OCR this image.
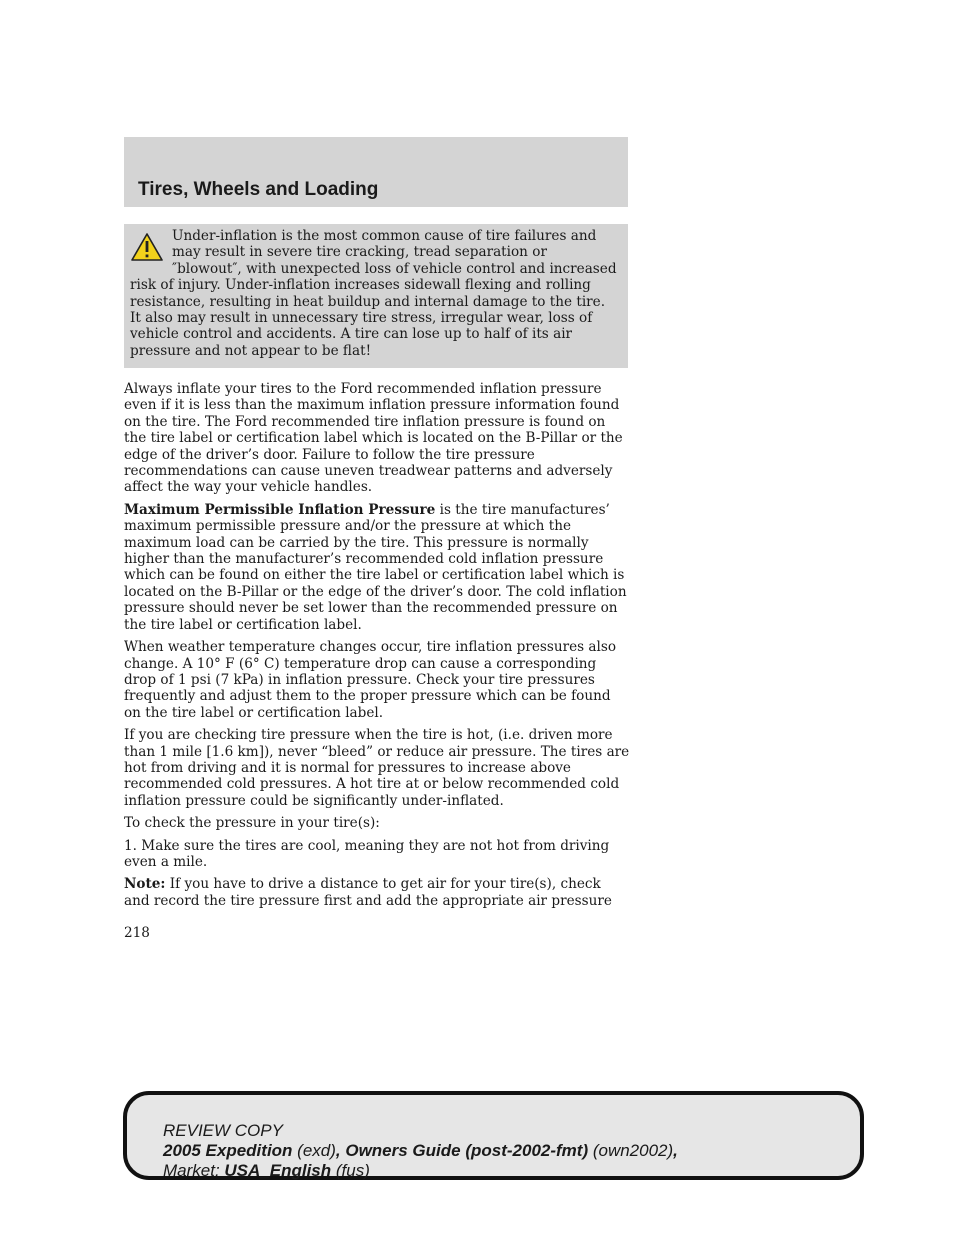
Tires, Wheels and Loading

Under-inflation is the most common cause of tire failures and may result in severe tire cracking, tread separation or ″blowout″, with unexpected loss of vehicle control and increased risk of injury. Under-inflation increases sidewall flexing and rolling resistance, resulting in heat buildup and internal damage to the tire. It also may result in unnecessary tire stress, irregular wear, loss of vehicle control and accidents. A tire can lose up to half of its air pressure and not appear to be flat!

Always inflate your tires to the Ford recommended inflation pressure even if it is less than the maximum inflation pressure information found on the tire. The Ford recommended tire inflation pressure is found on the tire label or certification label which is located on the B-Pillar or the edge of the driver’s door. Failure to follow the tire pressure recommendations can cause uneven treadwear patterns and adversely affect the way your vehicle handles.

Maximum Permissible Inflation Pressure is the tire manufactures’ maximum permissible pressure and/or the pressure at which the maximum load can be carried by the tire. This pressure is normally higher than the manufacturer’s recommended cold inflation pressure which can be found on either the tire label or certification label which is located on the B-Pillar or the edge of the driver’s door. The cold inflation pressure should never be set lower than the recommended pressure on the tire label or certification label.

When weather temperature changes occur, tire inflation pressures also change. A 10° F (6° C) temperature drop can cause a corresponding drop of 1 psi (7 kPa) in inflation pressure. Check your tire pressures frequently and adjust them to the proper pressure which can be found on the tire label or certification label.

If you are checking tire pressure when the tire is hot, (i.e. driven more than 1 mile [1.6 km]), never “bleed” or reduce air pressure. The tires are hot from driving and it is normal for pressures to increase above recommended cold pressures. A hot tire at or below recommended cold inflation pressure could be significantly under-inflated.

To check the pressure in your tire(s):

1. Make sure the tires are cool, meaning they are not hot from driving even a mile.

Note: If you have to drive a distance to get air for your tire(s), check and record the tire pressure first and add the appropriate air pressure

218
REVIEW COPY
2005 Expedition (exd), Owners Guide (post-2002-fmt) (own2002),
Market: USA_English (fus)
